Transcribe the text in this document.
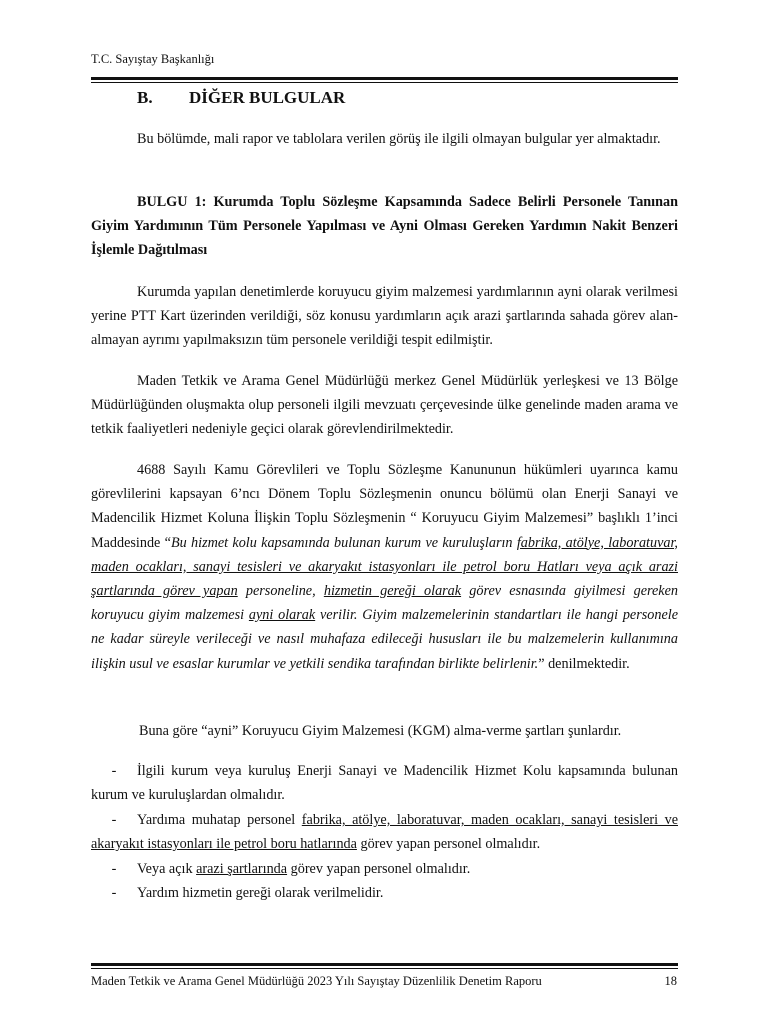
T.C. Sayıştay Başkanlığı
B. DİĞER BULGULAR

Bu bölümde, mali rapor ve tablolara verilen görüş ile ilgili olmayan bulgular yer almaktadır.

BULGU 1: Kurumda Toplu Sözleşme Kapsamında Sadece Belirli Personele Tanınan Giyim Yardımının Tüm Personele Yapılması ve Ayni Olması Gereken Yardımın Nakit Benzeri İşlemle Dağıtılması

Kurumda yapılan denetimlerde koruyucu giyim malzemesi yardımlarının ayni olarak verilmesi yerine PTT Kart üzerinden verildiği, söz konusu yardımların açık arazi şartlarında sahada görev alan-almayan ayrımı yapılmaksızın tüm personele verildiği tespit edilmiştir.

Maden Tetkik ve Arama Genel Müdürlüğü merkez Genel Müdürlük yerleşkesi ve 13 Bölge Müdürlüğünden oluşmakta olup personeli ilgili mevzuatı çerçevesinde ülke genelinde maden arama ve tetkik faaliyetleri nedeniyle geçici olarak görevlendirilmektedir.

4688 Sayılı Kamu Görevlileri ve Toplu Sözleşme Kanununun hükümleri uyarınca kamu görevlilerini kapsayan 6’ncı Dönem Toplu Sözleşmenin onuncu bölümü olan Enerji Sanayi ve Madencilik Hizmet Koluna İlişkin Toplu Sözleşmenin “ Koruyucu Giyim Malzemesi” başlıklı 1’inci Maddesinde “Bu hizmet kolu kapsamında bulunan kurum ve kuruluşların fabrika, atölye, laboratuvar, maden ocakları, sanayi tesisleri ve akaryakıt istasyonları ile petrol boru Hatları veya açık arazi şartlarında görev yapan personeline, hizmetin gereği olarak görev esnasında giyilmesi gereken koruyucu giyim malzemesi ayni olarak verilir. Giyim malzemelerinin standartları ile hangi personele ne kadar süreyle verileceği ve nasıl muhafaza edileceği hususları ile bu malzemelerin kullanımına ilişkin usul ve esaslar kurumlar ve yetkili sendika tarafından birlikte belirlenir.” denilmektedir.

Buna göre “ayni” Koruyucu Giyim Malzemesi (KGM) alma-verme şartları şunlardır.

- İlgili kurum veya kuruluş Enerji Sanayi ve Madencilik Hizmet Kolu kapsamında bulunan kurum ve kuruluşlardan olmalıdır.

- Yardıma muhatap personel fabrika, atölye, laboratuvar, maden ocakları, sanayi tesisleri ve akaryakıt istasyonları ile petrol boru hatlarında görev yapan personel olmalıdır.

- Veya açık arazi şartlarında görev yapan personel olmalıdır.

- Yardım hizmetin gereği olarak verilmelidir.

Maden Tetkik ve Arama Genel Müdürlüğü 2023 Yılı Sayıştay Düzenlilik Denetim Raporu	18
